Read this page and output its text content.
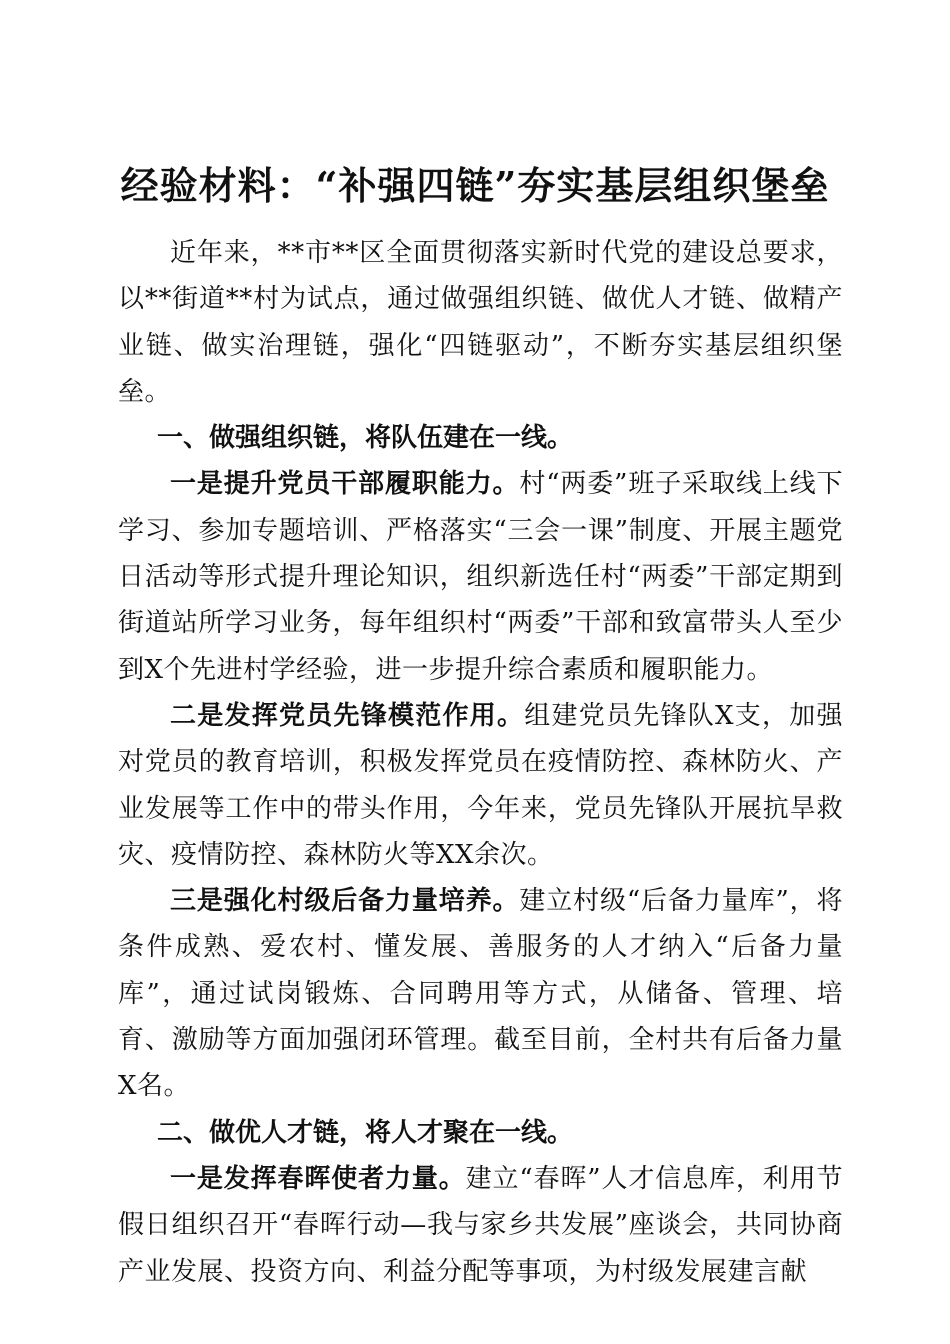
经验材料：“补强四链”夯实基层组织堡垒

近年来，**市**区全面贯彻落实新时代党的建设总要求，以**街道**村为试点，通过做强组织链、做优人才链、做精产业链、做实治理链，强化“四链驱动”，不断夯实基层组织堡垒。

一、做强组织链，将队伍建在一线。

一是提升党员干部履职能力。村“两委”班子采取线上线下学习、参加专题培训、严格落实“三会一课”制度、开展主题党日活动等形式提升理论知识，组织新选任村“两委”干部定期到街道站所学习业务，每年组织村“两委”干部和致富带头人至少到X个先进村学经验，进一步提升综合素质和履职能力。

二是发挥党员先锋模范作用。组建党员先锋队X支，加强对党员的教育培训，积极发挥党员在疫情防控、森林防火、产业发展等工作中的带头作用，今年来，党员先锋队开展抗旱救灾、疫情防控、森林防火等XX余次。

三是强化村级后备力量培养。建立村级“后备力量库”，将条件成熟、爱农村、懂发展、善服务的人才纳入“后备力量库”，通过试岗锻炼、合同聘用等方式，从储备、管理、培育、激励等方面加强闭环管理。截至目前，全村共有后备力量X名。

二、做优人才链，将人才聚在一线。

一是发挥春晖使者力量。建立“春晖”人才信息库，利用节假日组织召开“春晖行动—我与家乡共发展”座谈会，共同协商产业发展、投资方向、利益分配等事项，为村级发展建言献
